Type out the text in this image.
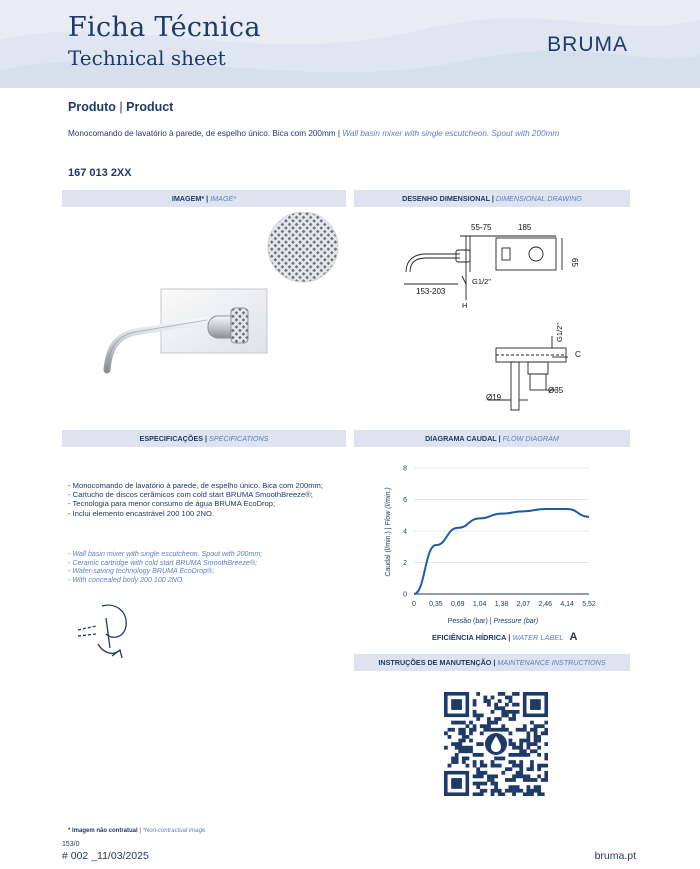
Ficha Técnica
Technical sheet
BRUMA
Produto | Product
Monocomando de lavatório à parede, de espelho único. Bica com 200mm | Wall basin mixer with single escutcheon. Spout with 200mm
167 013 2XX
IMAGEM* | IMAGE*	DESENHO DIMENSIONAL | DIMENSIONAL DRAWING
ESPECIFICAÇÕES | SPECIFICATIONS	DIAGRAMA CAUDAL | FLOW DIAGRAM
INSTRUÇÕES DE MANUTENÇÃO | MAINTENANCE INSTRUCTIONS
55-75	185
65
G1/2"
153-203
H
G1/2"
C
Ø35
Ø19
- Monocomando de lavatório à parede, de espelho único. Bica com 200mm;
- Cartucho de discos cerâmicos com cold start BRUMA SmoothBreeze®;
- Tecnologia para menor consumo de água BRUMA EcoDrop;
- Inclui elemento encastrável 200 100 2NO.
- Wall basin mixer with single escutcheon. Spout with 200mm;
- Ceramic cartridge with cold start BRUMA SmoothBreeze®;
- Water-saving technology BRUMA EcoDrop®;
- With concealed body 200 100 2NO.
0
2
4
6
8
0 0,35 0,69 1,04 1,38 2,07 2,46 4,14 5,52
Caudal (l/min.) | Flow (l/min.)
Pessão (bar) | Pressure (bar)
EFICIÊNCIA HÍDRICA | WATER LABEL A
* Imagem não contratual | *Non-contractual image
153/0
# 002 _11/03/2025	bruma.pt
